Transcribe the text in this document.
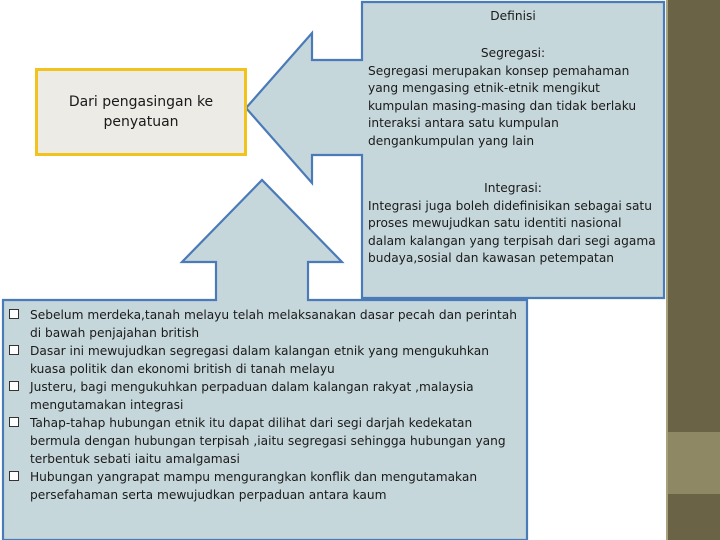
Dari pengasingan ke penyatuan
Definisi
Segregasi:
Segregasi merupakan konsep pemahaman yang mengasing etnik-etnik mengikut kumpulan masing-masing dan tidak berlaku interaksi antara satu kumpulan dengankumpulan yang lain
Integrasi:
Integrasi juga boleh didefinisikan sebagai satu proses mewujudkan satu identiti nasional dalam kalangan yang terpisah dari segi agama budaya,sosial dan kawasan petempatan
Sebelum merdeka,tanah melayu telah melaksanakan dasar pecah dan perintah di bawah penjajahan british
Dasar ini mewujudkan segregasi dalam kalangan etnik yang mengukuhkan kuasa politik dan ekonomi british di tanah melayu
Justeru, bagi mengukuhkan perpaduan dalam kalangan rakyat ,malaysia mengutamakan integrasi
Tahap-tahap hubungan etnik itu dapat dilihat dari segi darjah kedekatan bermula dengan hubungan terpisah ,iaitu segregasi sehingga hubungan yang terbentuk sebati iaitu amalgamasi
Hubungan yangrapat mampu mengurangkan konflik dan mengutamakan persefahaman serta mewujudkan perpaduan antara kaum
